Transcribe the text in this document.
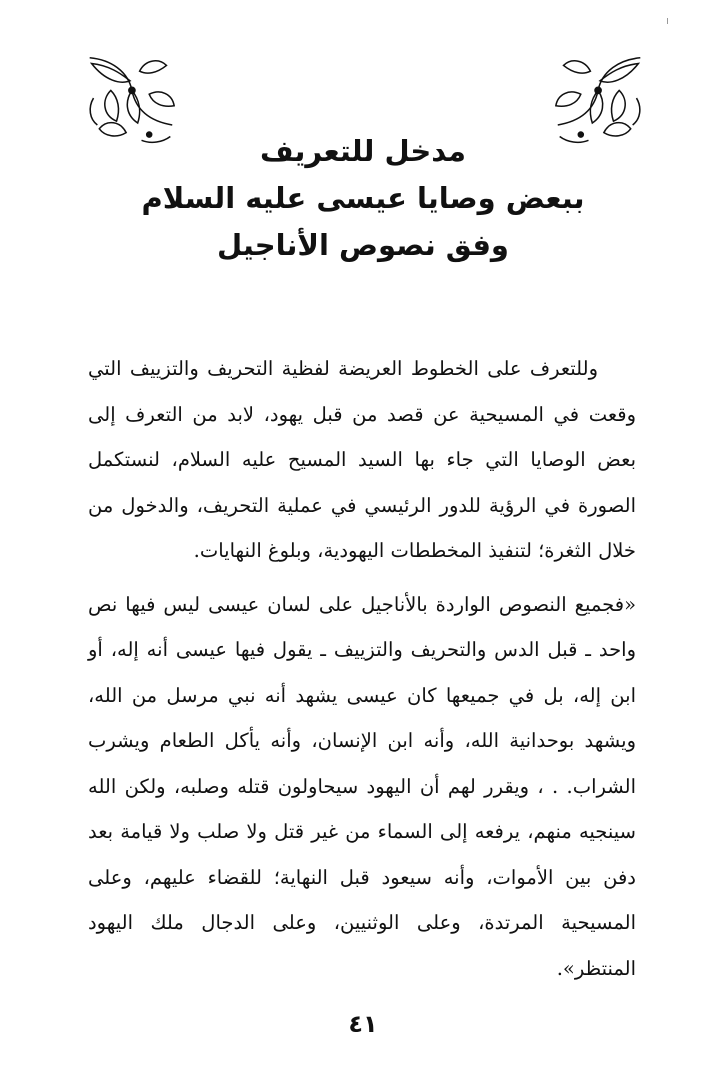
مدخل للتعريف
ببعض وصايا عيسى عليه السلام
وفق نصوص الأناجيل

وللتعرف على الخطوط العريضة لفظية التحريف والتزييف التي وقعت في المسيحية عن قصد من قبل يهود، لابد من التعرف إلى بعض الوصايا التي جاء بها السيد المسيح عليه السلام، لنستكمل الصورة في الرؤية للدور الرئيسي في عملية التحريف، والدخول من خلال الثغرة؛ لتنفيذ المخططات اليهودية، وبلوغ النهايات.

«فجميع النصوص الواردة بالأناجيل على لسان عيسى ليس فيها نص واحد ـ قبل الدس والتحريف والتزييف ـ يقول فيها عيسى أنه إله، أو ابن إله، بل في جميعها كان عيسى يشهد أنه نبي مرسل من الله، ويشهد بوحدانية الله، وأنه ابن الإنسان، وأنه يأكل الطعام ويشرب الشراب. . ، ويقرر لهم أن اليهود سيحاولون قتله وصلبه، ولكن الله سينجيه منهم، يرفعه إلى السماء من غير قتل ولا صلب ولا قيامة بعد دفن بين الأموات، وأنه سيعود قبل النهاية؛ للقضاء عليهم، وعلى المسيحية المرتدة، وعلى الوثنيين، وعلى الدجال ملك اليهود المنتظر».

٤١
